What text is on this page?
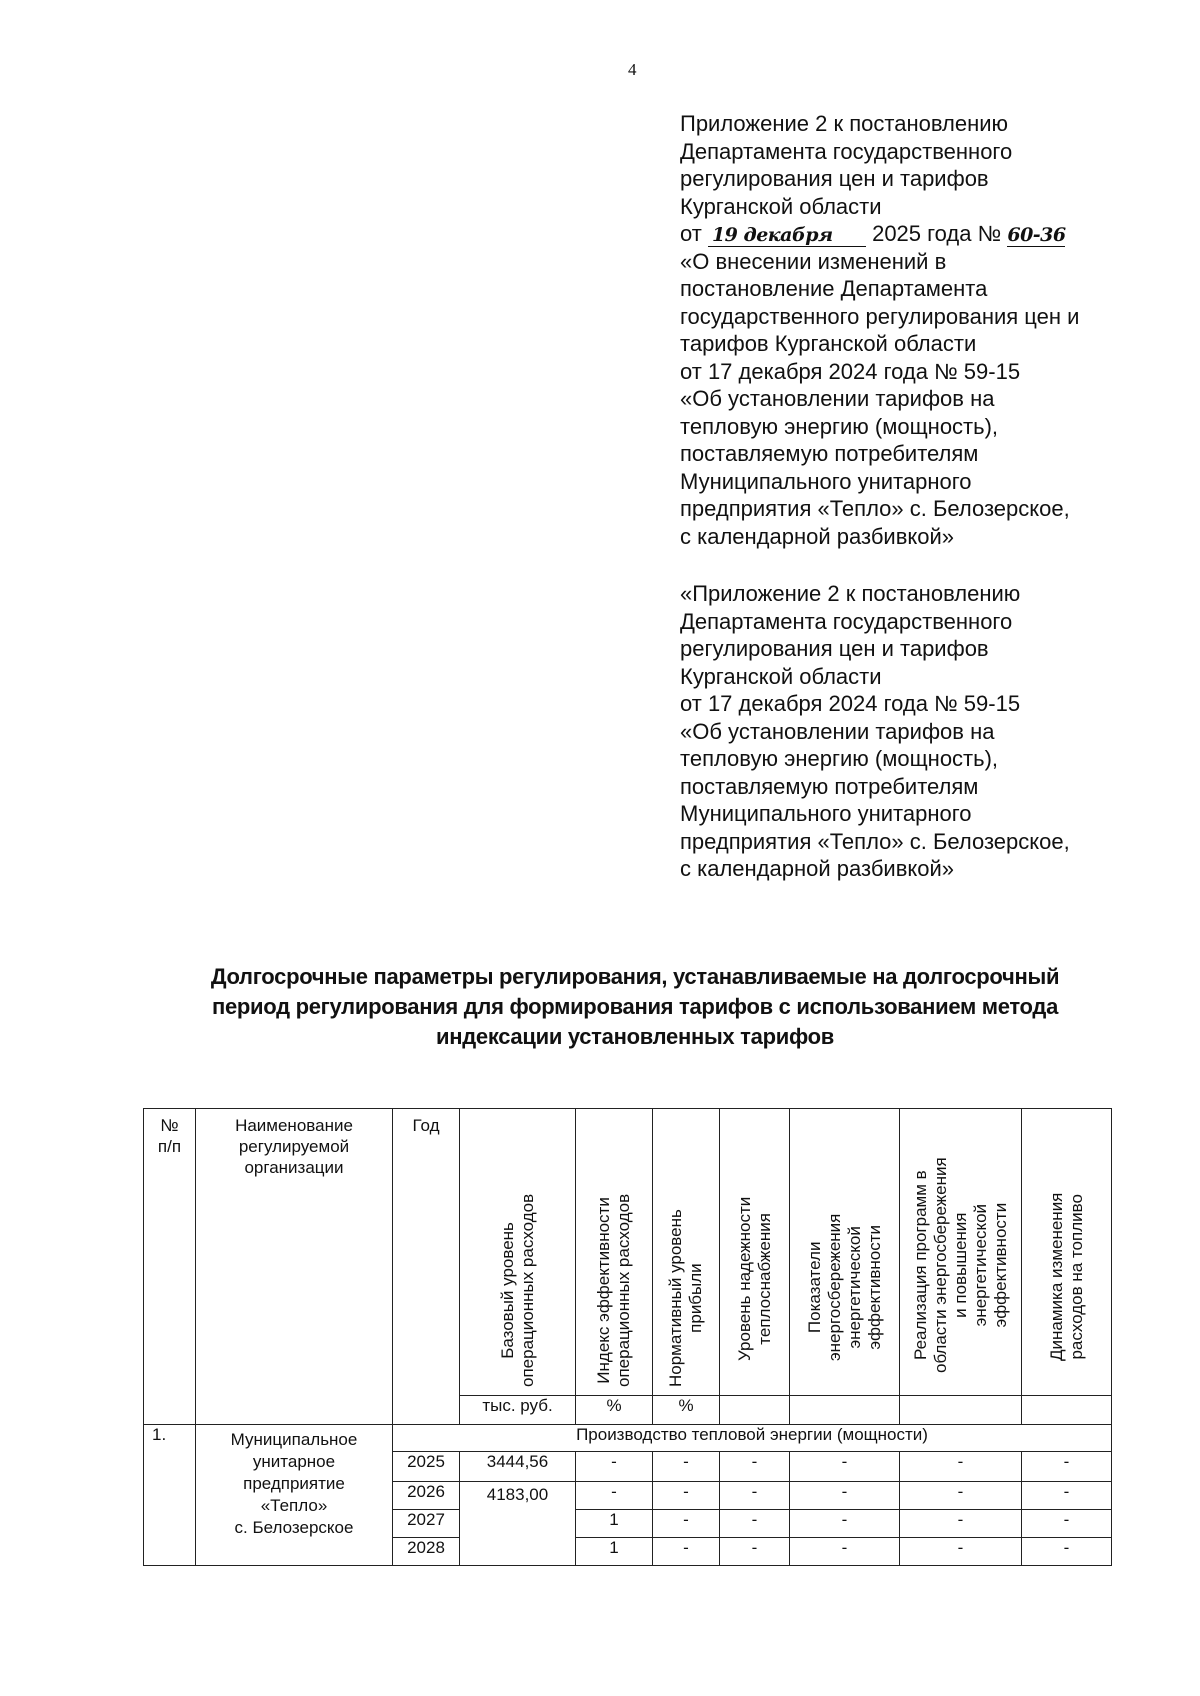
4
Приложение 2 к постановлению
Департамента государственного
регулирования цен и тарифов
Курганской области
от 19 декабря 2025 года № 60-36
«О внесении изменений в
постановление Департамента
государственного регулирования цен и
тарифов Курганской области
от 17 декабря 2024 года № 59-15
«Об установлении тарифов на
тепловую энергию (мощность),
поставляемую потребителям
Муниципального унитарного
предприятия «Тепло» с. Белозерское,
с календарной разбивкой»
«Приложение 2 к постановлению
Департамента государственного
регулирования цен и тарифов
Курганской области
от 17 декабря 2024 года № 59-15
«Об установлении тарифов на
тепловую энергию (мощность),
поставляемую потребителям
Муниципального унитарного
предприятия «Тепло» с. Белозерское,
с календарной разбивкой»
Долгосрочные параметры регулирования, устанавливаемые на долгосрочный
период регулирования для формирования тарифов с использованием метода
индексации установленных тарифов
№
п/п

Наименование
регулируемой
организации

Год

Базовый уровень операционных расходов	Индекс эффективности операционных расходов	Нормативный уровень прибыли	Уровень надежности теплоснабжения	Показатели энергосбережения энергетической эффективности	Реализация программ в области энергосбережения и повышения энергетической эффективности	Динамика изменения расходов на топливо

			тыс. руб.	%	%				
1.	Муниципальное
унитарное
предприятие
«Тепло»
с. Белозерское	Производство тепловой энергии (мощности)							
		2025	3444,56	-	-	-	-	-	-
		2026	4183,00	-	-	-	-	-	-
		2027		1	-	-	-	-	-
		2028		1	-	-	-	-	-
